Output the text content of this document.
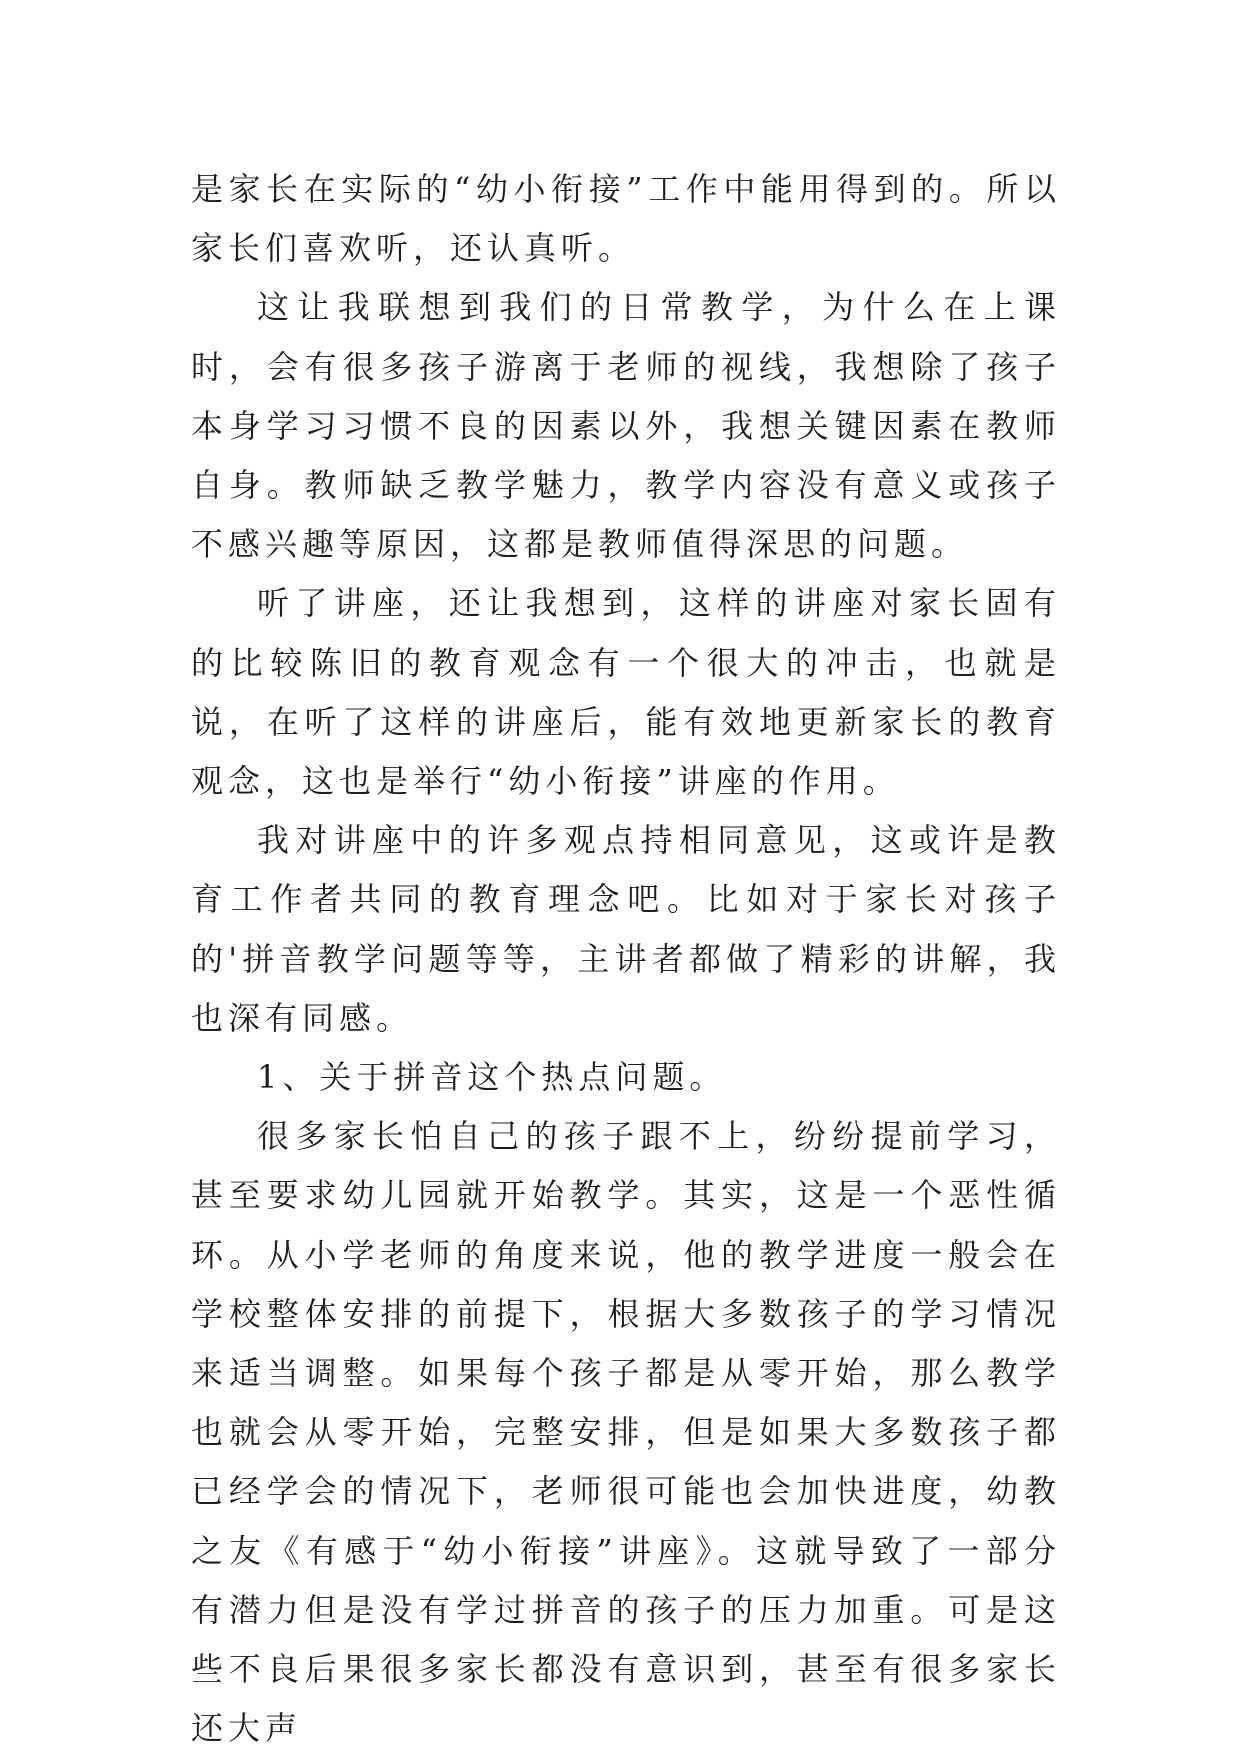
是家长在实际的“幼小衔接”工作中能用得到的。所以家长们喜欢听，还认真听。

这让我联想到我们的日常教学，为什么在上课时，会有很多孩子游离于老师的视线，我想除了孩子本身学习习惯不良的因素以外，我想关键因素在教师自身。教师缺乏教学魅力，教学内容没有意义或孩子不感兴趣等原因，这都是教师值得深思的问题。

听了讲座，还让我想到，这样的讲座对家长固有的比较陈旧的教育观念有一个很大的冲击，也就是说，在听了这样的讲座后，能有效地更新家长的教育观念，这也是举行“幼小衔接”讲座的作用。

我对讲座中的许多观点持相同意见，这或许是教育工作者共同的教育理念吧。比如对于家长对孩子的'拼音教学问题等等，主讲者都做了精彩的讲解，我也深有同感。

1、关于拼音这个热点问题。

很多家长怕自己的孩子跟不上，纷纷提前学习，甚至要求幼儿园就开始教学。其实，这是一个恶性循环。从小学老师的角度来说，他的教学进度一般会在学校整体安排的前提下，根据大多数孩子的学习情况来适当调整。如果每个孩子都是从零开始，那么教学也就会从零开始，完整安排，但是如果大多数孩子都已经学会的情况下，老师很可能也会加快进度，幼教之友《有感于“幼小衔接”讲座》。这就导致了一部分有潜力但是没有学过拼音的孩子的压力加重。可是这些不良后果很多家长都没有意识到，甚至有很多家长还大声
